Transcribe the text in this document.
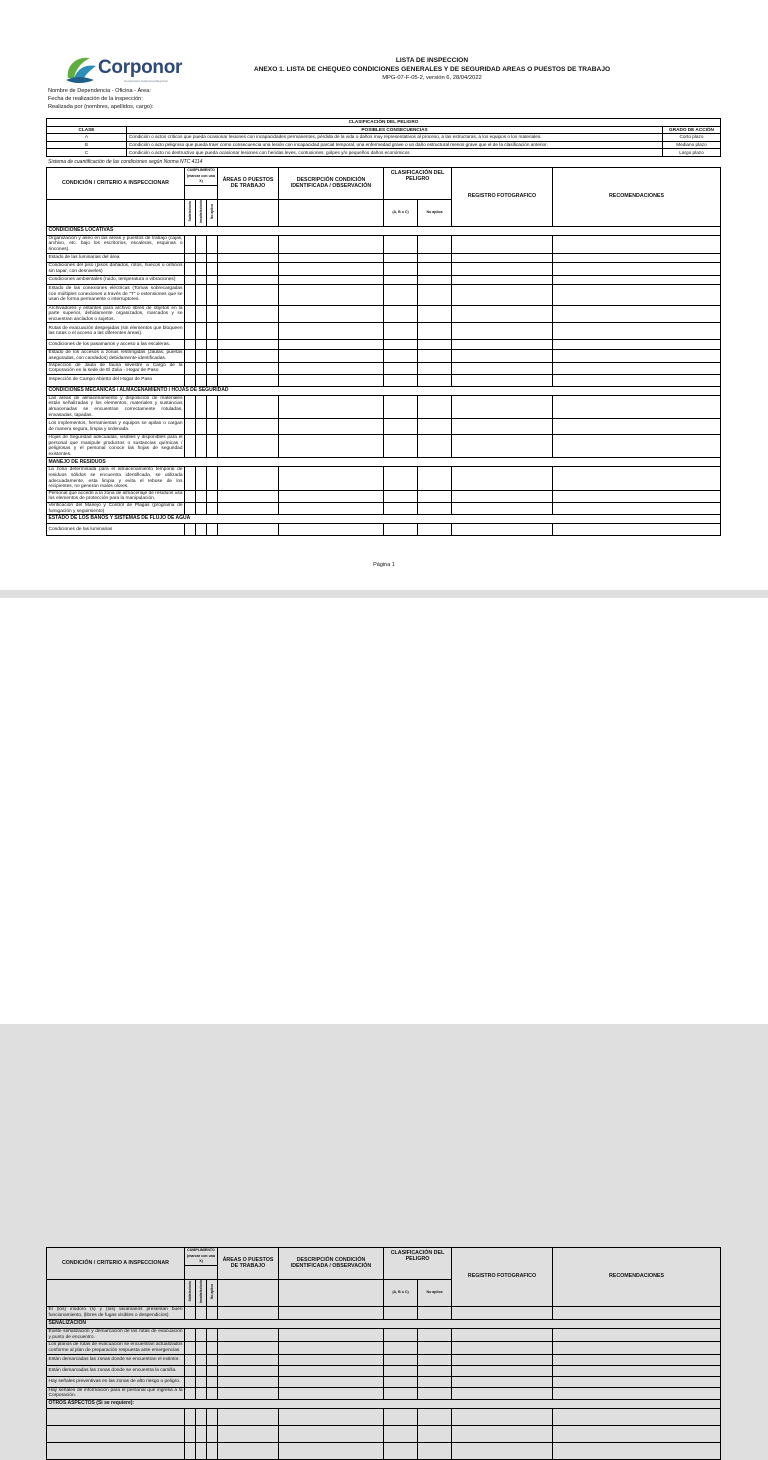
Corponor
Corporación Autónoma Regional
LISTA DE INSPECCION
ANEXO 1. LISTA DE CHEQUEO CONDICIONES GENERALES Y DE SEGURIDAD AREAS O PUESTOS DE TRABAJO
MPG-07-F-05-2, versión 6, 28/04/2022
Nombre de Dependencia - Oficina - Área:
Fecha de realización de la inspección:
Realizada por (nombres, apellidos, cargo):
CLASIFICACIÓN DEL PELIGRO		
CLASE	POSIBLES CONSECUENCIAS	GRADO DE ACCIÓN
A	Condición o actos críticos que pueda ocasionar lesiones con incapacidades permanentes, pérdida de la vida o daños muy representativos al proceso, a las estructuras, a los equipos o los materiales.	Corto plazo
B	Condición o acto peligroso que pueda traer como consecuencia una lesión con incapacidad parcial temporal, una enfermedad grave o un daño estructural menos grave que el de la clasificación anterior.	Mediano plazo
C	Condición o acto no destructivo que pueda ocasionar lesiones con heridas leves, contusiones, golpes y/o pequeños daños económicos	Largo plazo
Sistema de cuantificación de las condiciones según Norma NTC 4114
CONDICIÓN / CRITERIO A INSPECCIONAR	CUMPLIMIENTO
(marcar con una X)			ÁREAS O PUESTOS DE TRABAJO	DESCRIPCIÓN CONDICIÓN IDENTIFICADA / OBSERVACIÓN	CLASIFICACIÓN DEL PELIGRO		REGISTRO FOTOGRAFICO	RECOMENDACIONES

	Satisfactorio	Insatisfactorio	No aplica			(A, B o C)	No aplica		
CONDICIONES LOCATIVAS									
Organización y aseo en las áreas y puestos de trabajo (cajas, archivo, etc. bajo los escritorios, escaleras, esquinas o rincones).									
Estado de las luminarias del área									
Condiciones del piso (pisos dañados, rotos, huecos u orificios sin tapar, con desniveles)									
Condiciones ambientales (ruido, temperatura o vibraciones)									
Estado de las conexiones eléctricas (Tomas sobrecargadas con múltiples conexiones a través de "T" o extensiones que se usan de forma permanente o interruptores.									
Archivadores y estantes para archivo libres de objetos en la parte superior, debidamente organizados, marcados y se encuentran anclados o sujetos.									
Rutas de evacuación despejadas (sin elementos que bloqueen las rutas o el acceso a las diferentes áreas).									
Condiciones de los pasamanos y acceso a las escaleras.									
Estado de los accesos a zonas restringidas (Jaulas, puertas aseguradas, con candados) debidamente identificadas.									
Inspección de Jaula de fauna silvestre a Cargo de la Corporación en la sede de El Zulia - Hogar de Paso									
Inspección de Campo Abierto del Hogar de Paso									
CONDICIONES MECANICAS / ALMACENAMIENTO / HOJAS DE SEGURIDAD									
Las áreas de almacenamiento y disposición de materiales están señalizadas y los elementos, materiales y sustancias almacenadas se encuentran correctamente rotuladas, envasadas, tapadas.									
Los implementos, herramientas y equipos se apilan o cargan de manera segura, limpia y ordenada.									
Hojas de Seguridad adecuadas, visibles y disponibles para el personal que manipule productos o sustancias químicas / peligrosas y el personal conoce las hojas de seguridad existentes.									
MANEJO DE RESIDUOS									
La zona determinada para el almacenamiento temporal de residuos sólidos se encuentra identificada, se utilizada adecuadamente, esta limpia y evita el rebose de los recipientes, no generan malos olores.									
Personal que accede a la zona de almacenaje de residuos usa los elementos de protección para la manipulación.									
Verificación del Manejo y Control de Plagas (programa de fumigación y seguimiento)									
ESTADO DE LOS BAÑOS Y SISTEMAS DE FLUJO DE AGUA									
Condiciones de las luminarias									
Página 1
CONDICIÓN / CRITERIO A INSPECCIONAR	CUMPLIMIENTO
(marcar con una X)			ÁREAS O PUESTOS DE TRABAJO	DESCRIPCIÓN CONDICIÓN IDENTIFICADA / OBSERVACIÓN	CLASIFICACIÓN DEL PELIGRO		REGISTRO FOTOGRAFICO	RECOMENDACIONES

	Satisfactorio	Insatisfactorio	No aplica			(A, B o C)	No aplica		
El (los) inodoro (s) y (los) lavamanos presentan buen funcionamiento, (libres de fugas visibles o despendicios)									
SEÑALIZACION									
Existe señalización y demarcación de las rutas de evacuación y punto de encuentro.									
Los planos de rutas de evacuación se encuentran actualizados conforme al plan de preparación respuesta ante emergencias.									
Están demarcadas las zonas donde se encuentran el extintor.									
Están demarcadas las zonas donde se encuentra la camilla.									
Hay señales preventivas en las zonas de alto riesgo o peligro.									
Hay señales de información para el personal que ingresa a la Corporación.									
OTROS ASPECTOS (Si se requiere):									
